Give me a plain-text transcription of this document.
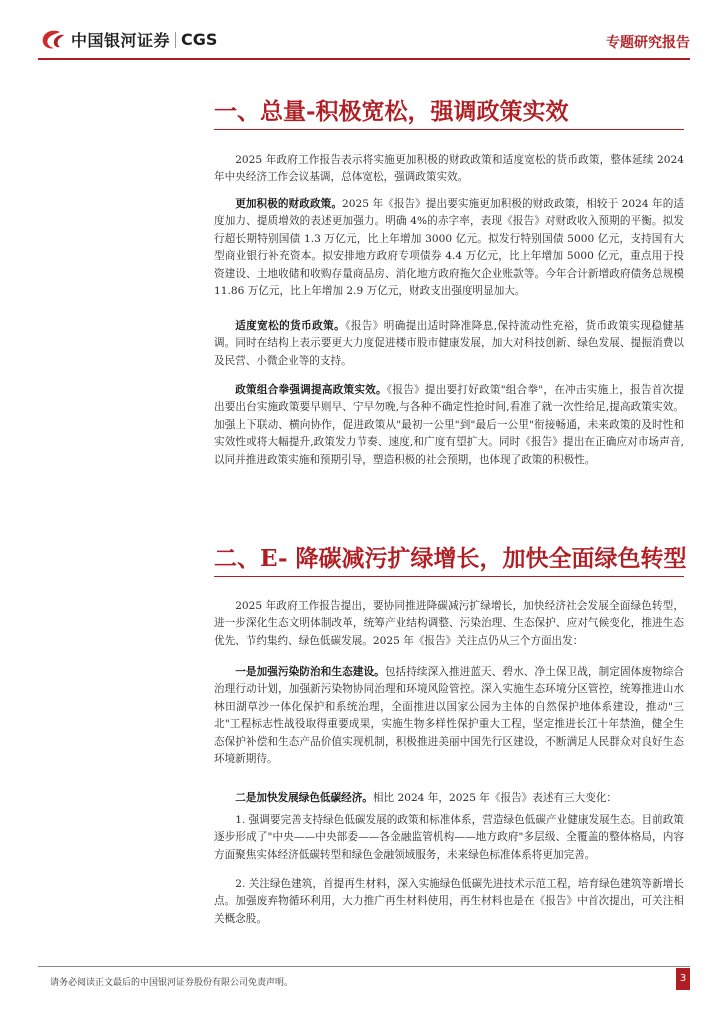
中国银河证券 CGS	专题研究报告
一、总量-积极宽松，强调政策实效

2025 年政府工作报告表示将实施更加积极的财政政策和适度宽松的货币政策，整体延续 2024 年中央经济工作会议基调，总体宽松，强调政策实效。

更加积极的财政政策。2025 年《报告》提出要实施更加积极的财政政策，相较于 2024 年的适度加力、提质增效的表述更加强力。明确 4%的赤字率，表现《报告》对财政收入预期的平衡。拟发行超长期特别国债 1.3 万亿元，比上年增加 3000 亿元。拟发行特别国债 5000 亿元，支持国有大型商业银行补充资本。拟安排地方政府专项债券 4.4 万亿元，比上年增加 5000 亿元，重点用于投资建设、土地收储和收购存量商品房、消化地方政府拖欠企业账款等。今年合计新增政府债务总规模 11.86 万亿元，比上年增加 2.9 万亿元，财政支出强度明显加大。

适度宽松的货币政策。《报告》明确提出适时降准降息,保持流动性充裕，货币政策实现稳健基调。同时在结构上表示要更大力度促进楼市股市健康发展，加大对科技创新、绿色发展、提振消费以及民营、小微企业等的支持。

政策组合拳强调提高政策实效。《报告》提出要打好政策"组合拳"，在冲击实施上，报告首次提出要出台实施政策要早则早、宁早勿晚,与各种不确定性抢时间,看准了就一次性给足,提高政策实效。加强上下联动、横向协作，促进政策从"最初一公里"到"最后一公里"衔接畅通，未来政策的及时性和实效性或将大幅提升,政策发力节奏、速度,和广度有望扩大。同时《报告》提出在正确应对市场声音,以同并推进政策实施和预期引导，塑造积极的社会预期，也体现了政策的积极性。

二、E- 降碳减污扩绿增长，加快全面绿色转型

2025 年政府工作报告提出，要协同推进降碳减污扩绿增长，加快经济社会发展全面绿色转型，进一步深化生态文明体制改革，统筹产业结构调整、污染治理、生态保护、应对气候变化，推进生态优先、节约集约、绿色低碳发展。2025 年《报告》关注点仍从三个方面出发：

一是加强污染防治和生态建设。包括持续深入推进蓝天、碧水、净土保卫战，制定固体废物综合治理行动计划，加强新污染物协同治理和环境风险管控。深入实施生态环境分区管控，统筹推进山水林田湖草沙一体化保护和系统治理，全面推进以国家公园为主体的自然保护地体系建设，推动"三北"工程标志性战役取得重要成果，实施生物多样性保护重大工程，坚定推进长江十年禁渔，健全生态保护补偿和生态产品价值实现机制，积极推进美丽中国先行区建设，不断满足人民群众对良好生态环境新期待。

二是加快发展绿色低碳经济。相比 2024 年，2025 年《报告》表述有三大变化：

1. 强调要完善支持绿色低碳发展的政策和标准体系，营造绿色低碳产业健康发展生态。目前政策逐步形成了"中央——中央部委——各金融监管机构——地方政府"多层级、全覆盖的整体格局，内容方面聚焦实体经济低碳转型和绿色金融领域服务，未来绿色标准体系将更加完善。

2. 关注绿色建筑，首提再生材料，深入实施绿色低碳先进技术示范工程，培育绿色建筑等新增长点。加强废弃物循环利用，大力推广再生材料使用，再生材料也是在《报告》中首次提出，可关注相关概念股。

请务必阅读正文最后的中国银河证券股份有限公司免责声明。	3
